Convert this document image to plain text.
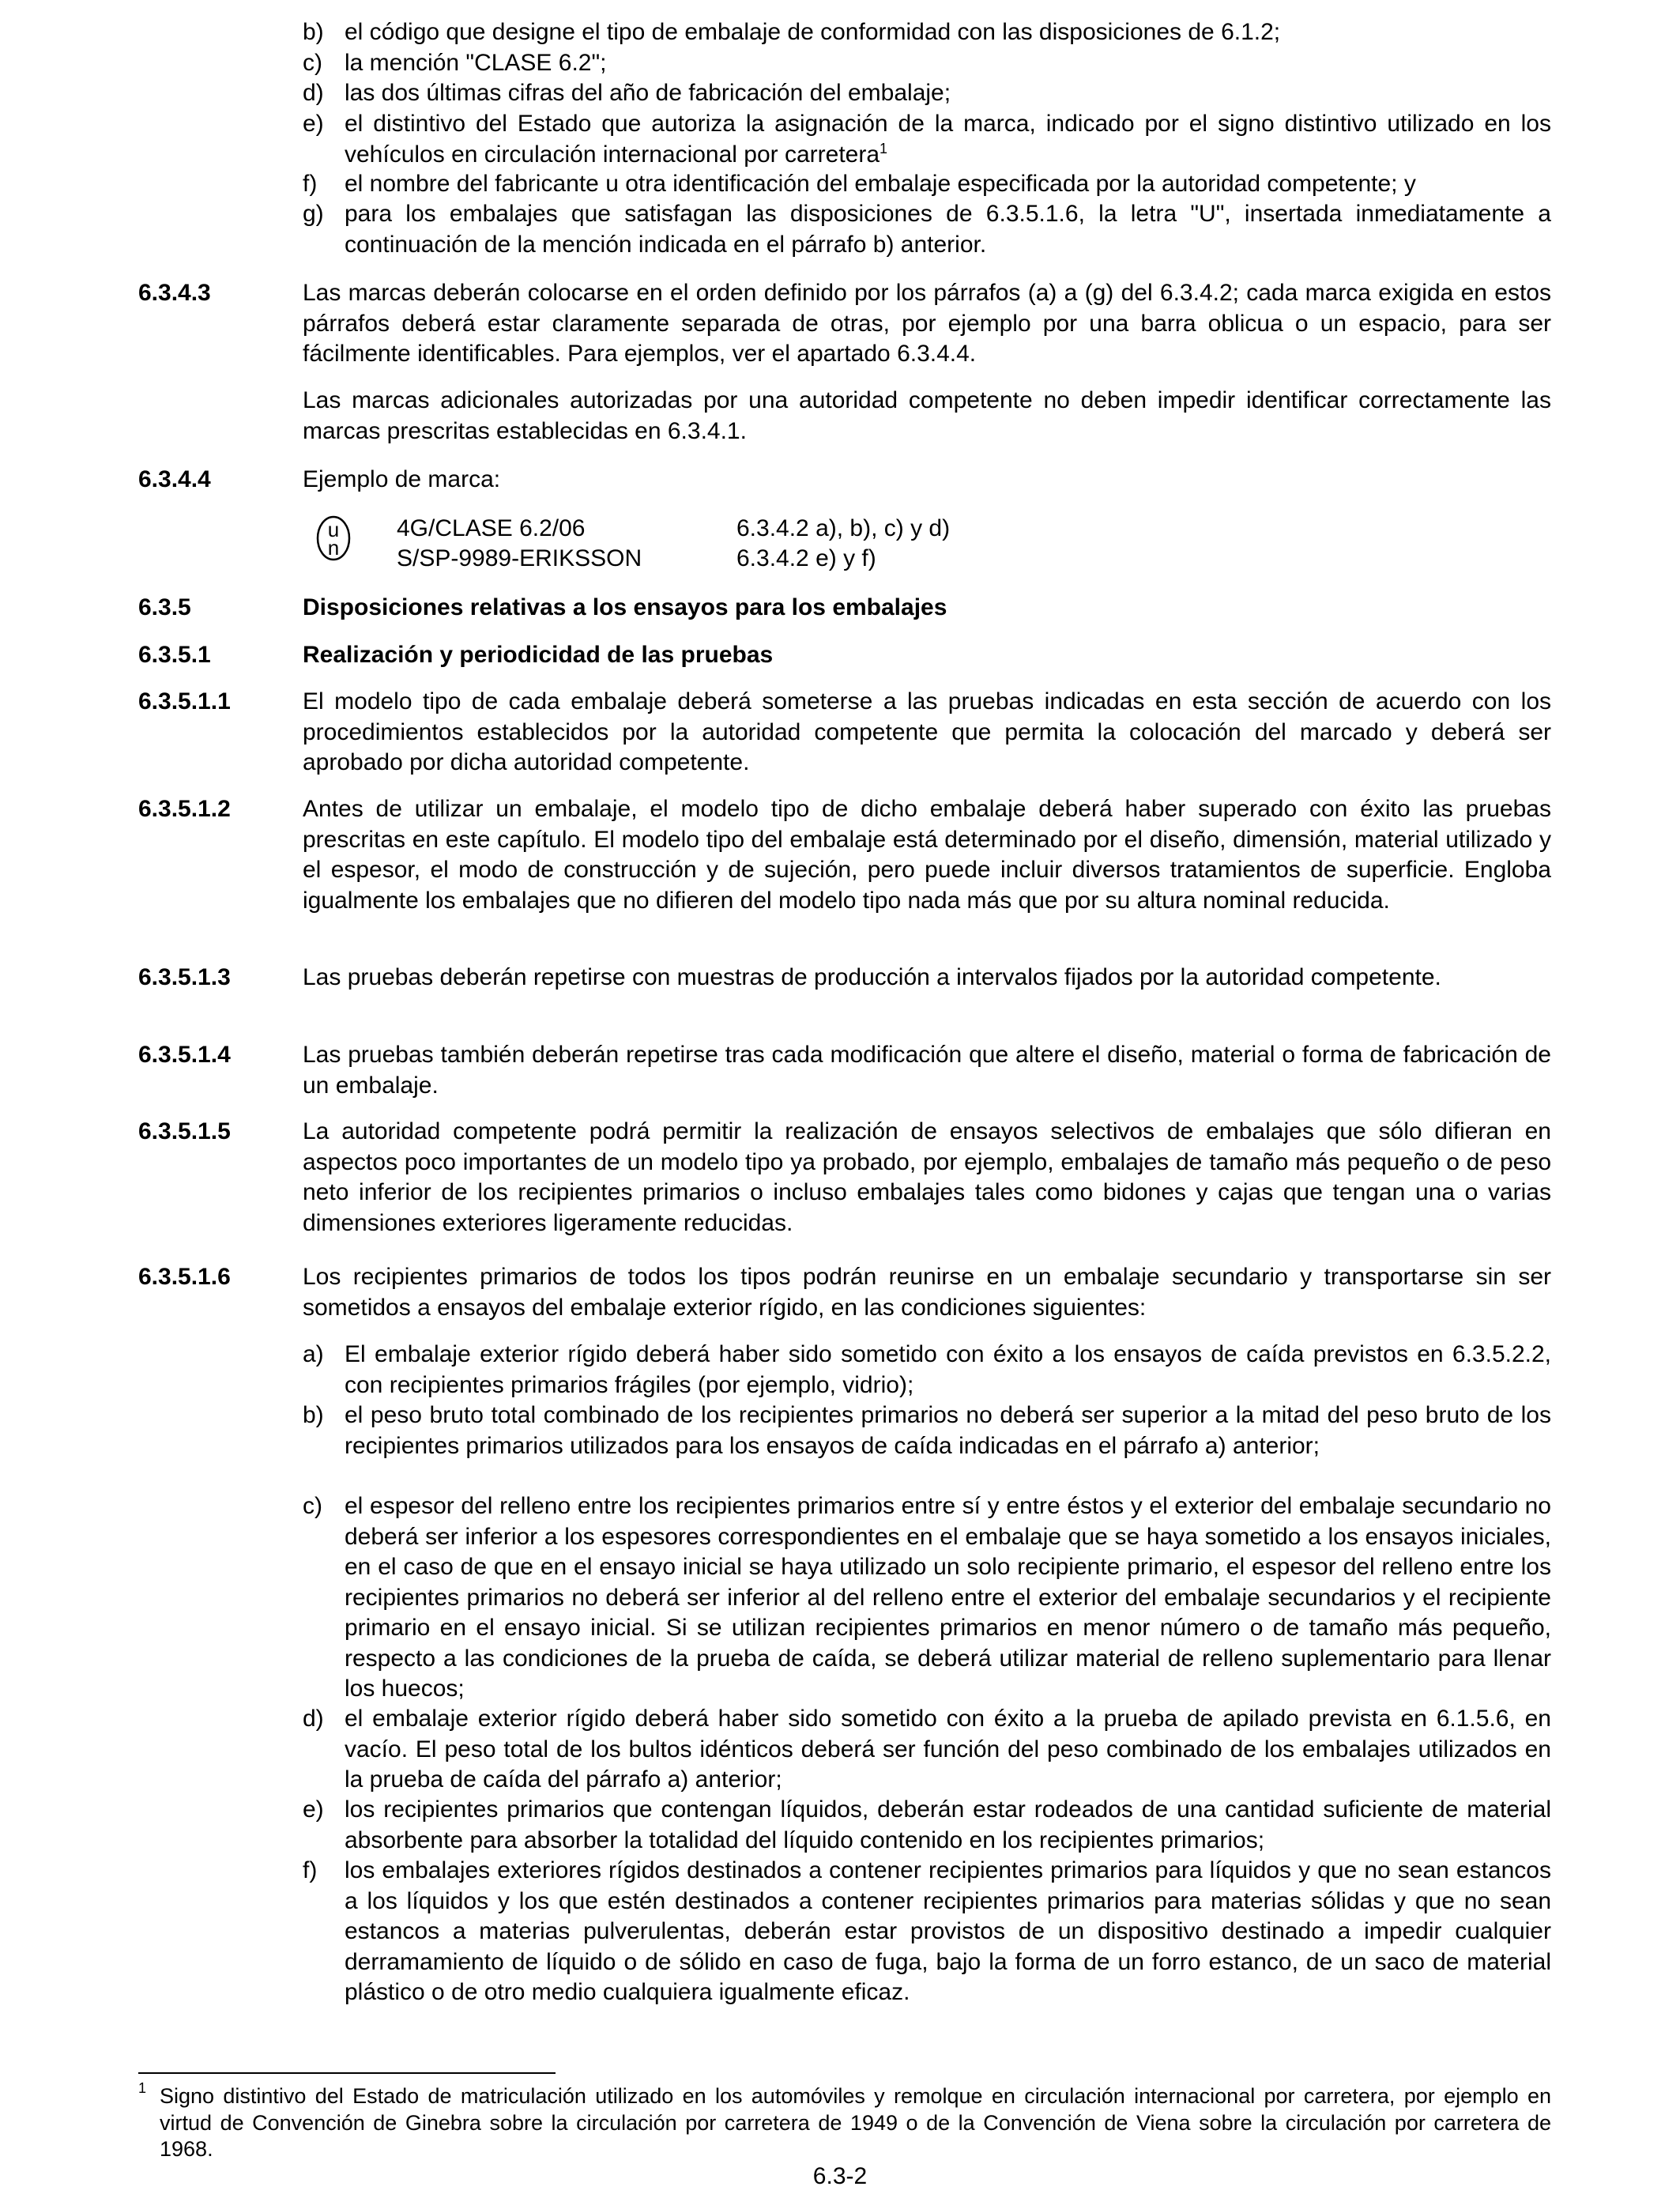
b) el código que designe el tipo de embalaje de conformidad con las disposiciones de 6.1.2;
c) la mención "CLASE 6.2";
d) las dos últimas cifras del año de fabricación del embalaje;
e) el distintivo del Estado que autoriza la asignación de la marca, indicado por el signo distintivo utilizado en los vehículos en circulación internacional por carretera$^1$
f) el nombre del fabricante u otra identificación del embalaje especificada por la autoridad competente; y
g) para los embalajes que satisfagan las disposiciones de 6.3.5.1.6, la letra "U", insertada inmediatamente a continuación de la mención indicada en el párrafo b) anterior.
6.3.4.3	Las marcas deberán colocarse en el orden definido por los párrafos (a) a (g) del 6.3.4.2; cada marca exigida en estos párrafos deberá estar claramente separada de otras, por ejemplo por una barra oblicua o un espacio, para ser fácilmente identificables. Para ejemplos, ver el apartado 6.3.4.4.
Las marcas adicionales autorizadas por una autoridad competente no deben impedir identificar correctamente las marcas prescritas establecidas en 6.3.4.1.
6.3.4.4	Ejemplo de marca:
u
n
4G/CLASE 6.2/06	6.3.4.2 a), b), c) y d)
S/SP-9989-ERIKSSON	6.3.4.2 e) y f)
6.3.5	Disposiciones relativas a los ensayos para los embalajes
6.3.5.1	Realización y periodicidad de las pruebas
6.3.5.1.1	El modelo tipo de cada embalaje deberá someterse a las pruebas indicadas en esta sección de acuerdo con los procedimientos establecidos por la autoridad competente que permita la colocación del marcado y deberá ser aprobado por dicha autoridad competente.
6.3.5.1.2	Antes de utilizar un embalaje, el modelo tipo de dicho embalaje deberá haber superado con éxito las pruebas prescritas en este capítulo. El modelo tipo del embalaje está determinado por el diseño, dimensión, material utilizado y el espesor, el modo de construcción y de sujeción, pero puede incluir diversos tratamientos de superficie. Engloba igualmente los embalajes que no difieren del modelo tipo nada más que por su altura nominal reducida.
6.3.5.1.3	Las pruebas deberán repetirse con muestras de producción a intervalos fijados por la autoridad competente.
6.3.5.1.4	Las pruebas también deberán repetirse tras cada modificación que altere el diseño, material o forma de fabricación de un embalaje.
6.3.5.1.5	La autoridad competente podrá permitir la realización de ensayos selectivos de embalajes que sólo difieran en aspectos poco importantes de un modelo tipo ya probado, por ejemplo, embalajes de tamaño más pequeño o de peso neto inferior de los recipientes primarios o incluso embalajes tales como bidones y cajas que tengan una o varias dimensiones exteriores ligeramente reducidas.
6.3.5.1.6	Los recipientes primarios de todos los tipos podrán reunirse en un embalaje secundario y transportarse sin ser sometidos a ensayos del embalaje exterior rígido, en las condiciones siguientes:
a) El embalaje exterior rígido deberá haber sido sometido con éxito a los ensayos de caída previstos en 6.3.5.2.2, con recipientes primarios frágiles (por ejemplo, vidrio);
b) el peso bruto total combinado de los recipientes primarios no deberá ser superior a la mitad del peso bruto de los recipientes primarios utilizados para los ensayos de caída indicadas en el párrafo a) anterior;
c) el espesor del relleno entre los recipientes primarios entre sí y entre éstos y el exterior del embalaje secundario no deberá ser inferior a los espesores correspondientes en el embalaje que se haya sometido a los ensayos iniciales, en el caso de que en el ensayo inicial se haya utilizado un solo recipiente primario, el espesor del relleno entre los recipientes primarios no deberá ser inferior al del relleno entre el exterior del embalaje secundarios y el recipiente primario en el ensayo inicial. Si se utilizan recipientes primarios en menor número o de tamaño más pequeño, respecto a las condiciones de la prueba de caída, se deberá utilizar material de relleno suplementario para llenar los huecos;
d) el embalaje exterior rígido deberá haber sido sometido con éxito a la prueba de apilado prevista en 6.1.5.6, en vacío. El peso total de los bultos idénticos deberá ser función del peso combinado de los embalajes utilizados en la prueba de caída del párrafo a) anterior;
e) los recipientes primarios que contengan líquidos, deberán estar rodeados de una cantidad suficiente de material absorbente para absorber la totalidad del líquido contenido en los recipientes primarios;
f) los embalajes exteriores rígidos destinados a contener recipientes primarios para líquidos y que no sean estancos a los líquidos y los que estén destinados a contener recipientes primarios para materias sólidas y que no sean estancos a materias pulverulentas, deberán estar provistos de un dispositivo destinado a impedir cualquier derramamiento de líquido o de sólido en caso de fuga, bajo la forma de un forro estanco, de un saco de material plástico o de otro medio cualquiera igualmente eficaz.
1 Signo distintivo del Estado de matriculación utilizado en los automóviles y remolque en circulación internacional por carretera, por ejemplo en virtud de Convención de Ginebra sobre la circulación por carretera de 1949 o de la Convención de Viena sobre la circulación por carretera de 1968.
6.3-2
